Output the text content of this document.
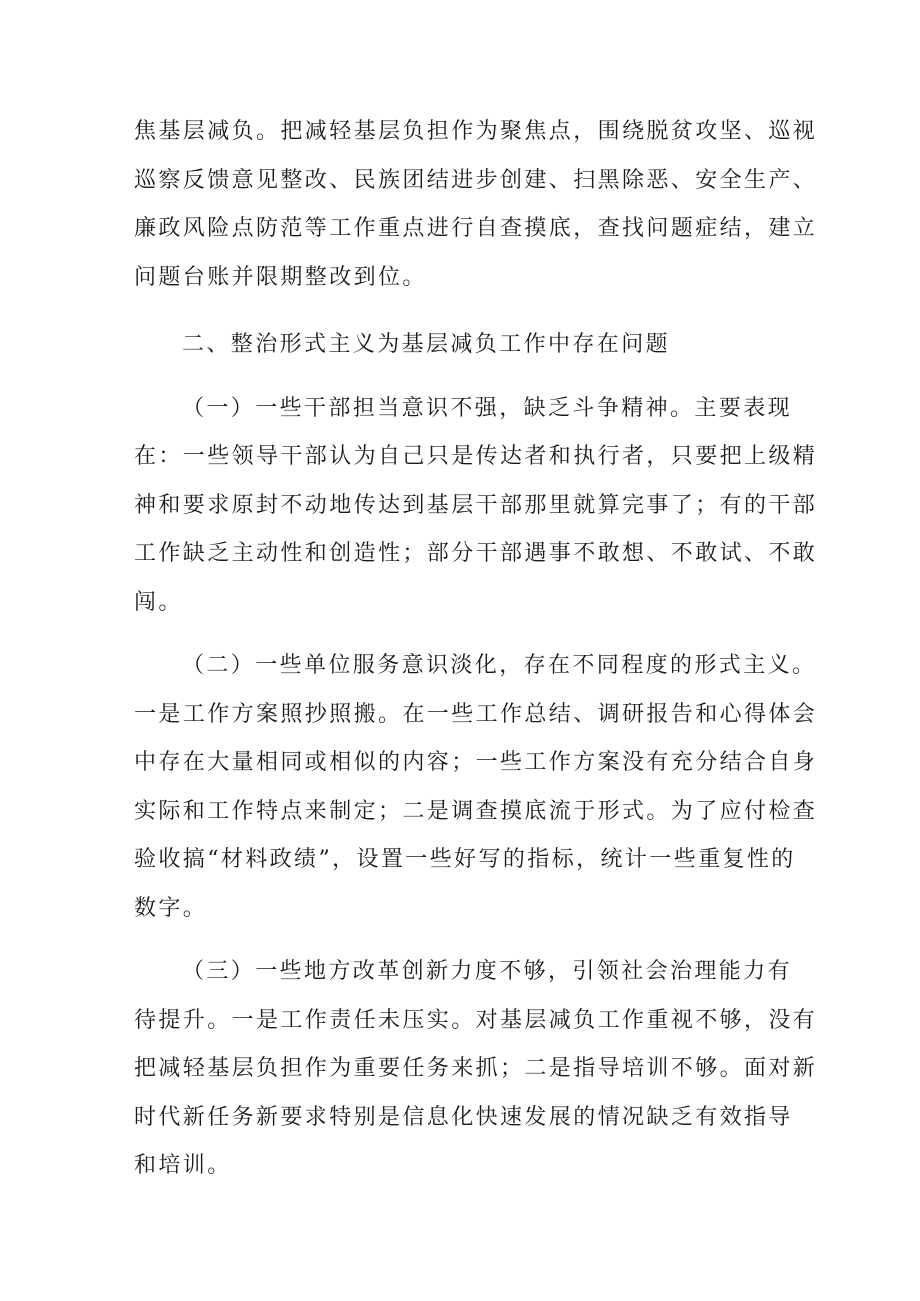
焦基层减负。把减轻基层负担作为聚焦点，围绕脱贫攻坚、巡视
巡察反馈意见整改、民族团结进步创建、扫黑除恶、安全生产、
廉政风险点防范等工作重点进行自查摸底，查找问题症结，建立
问题台账并限期整改到位。

二、整治形式主义为基层减负工作中存在问题

（一）一些干部担当意识不强，缺乏斗争精神。主要表现
在：一些领导干部认为自己只是传达者和执行者，只要把上级精
神和要求原封不动地传达到基层干部那里就算完事了；有的干部
工作缺乏主动性和创造性；部分干部遇事不敢想、不敢试、不敢
闯。

（二）一些单位服务意识淡化，存在不同程度的形式主义。
一是工作方案照抄照搬。在一些工作总结、调研报告和心得体会
中存在大量相同或相似的内容；一些工作方案没有充分结合自身
实际和工作特点来制定；二是调查摸底流于形式。为了应付检查
验收搞“材料政绩”，设置一些好写的指标，统计一些重复性的
数字。

（三）一些地方改革创新力度不够，引领社会治理能力有
待提升。一是工作责任未压实。对基层减负工作重视不够，没有
把减轻基层负担作为重要任务来抓；二是指导培训不够。面对新
时代新任务新要求特别是信息化快速发展的情况缺乏有效指导
和培训。
